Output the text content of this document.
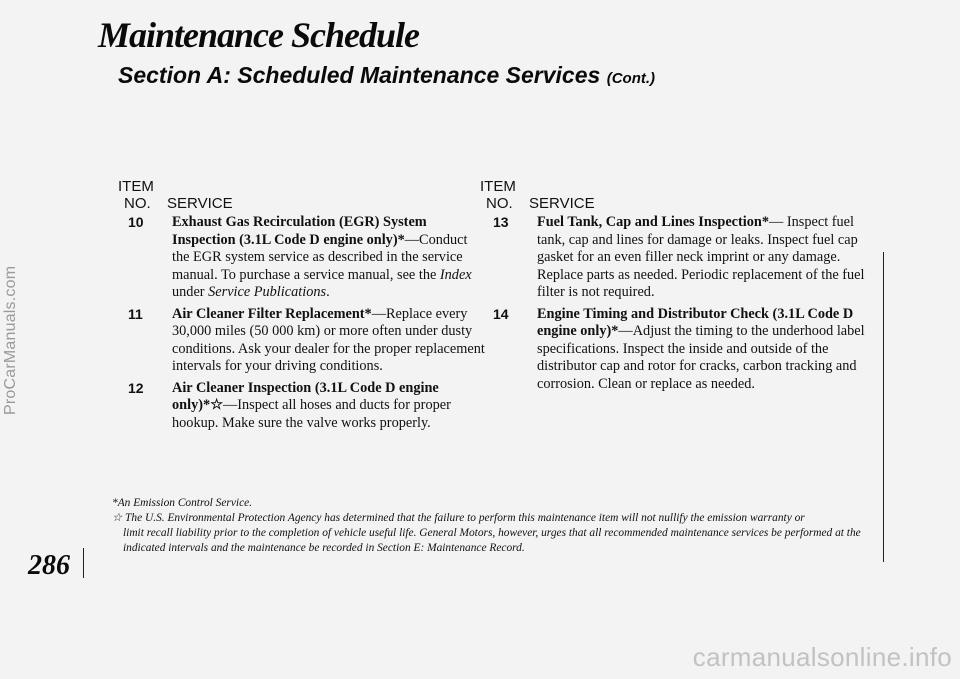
ProCarManuals.com
Maintenance Schedule
Section A: Scheduled Maintenance Services (Cont.)
ITEM
NO. SERVICE
10 Exhaust Gas Recirculation (EGR) System Inspection (3.1L Code D engine only)*—Conduct the EGR system service as described in the service manual. To purchase a service manual, see the Index under Service Publications.
11 Air Cleaner Filter Replacement*—Replace every 30,000 miles (50 000 km) or more often under dusty conditions. Ask your dealer for the proper replacement intervals for your driving conditions.
12 Air Cleaner Inspection (3.1L Code D engine only)*☆—Inspect all hoses and ducts for proper hookup. Make sure the valve works properly.
ITEM
NO. SERVICE
13 Fuel Tank, Cap and Lines Inspection*— Inspect fuel tank, cap and lines for damage or leaks. Inspect fuel cap gasket for an even filler neck imprint or any damage. Replace parts as needed. Periodic replacement of the fuel filter is not required.
14 Engine Timing and Distributor Check (3.1L Code D engine only)*—Adjust the timing to the underhood label specifications. Inspect the inside and outside of the distributor cap and rotor for cracks, carbon tracking and corrosion. Clean or replace as needed.
*An Emission Control Service.
☆ The U.S. Environmental Protection Agency has determined that the failure to perform this maintenance item will not nullify the emission warranty or
limit recall liability prior to the completion of vehicle useful life. General Motors, however, urges that all recommended maintenance services be performed at the indicated intervals and the maintenance be recorded in Section E: Maintenance Record.
286
carmanualsonline.info
